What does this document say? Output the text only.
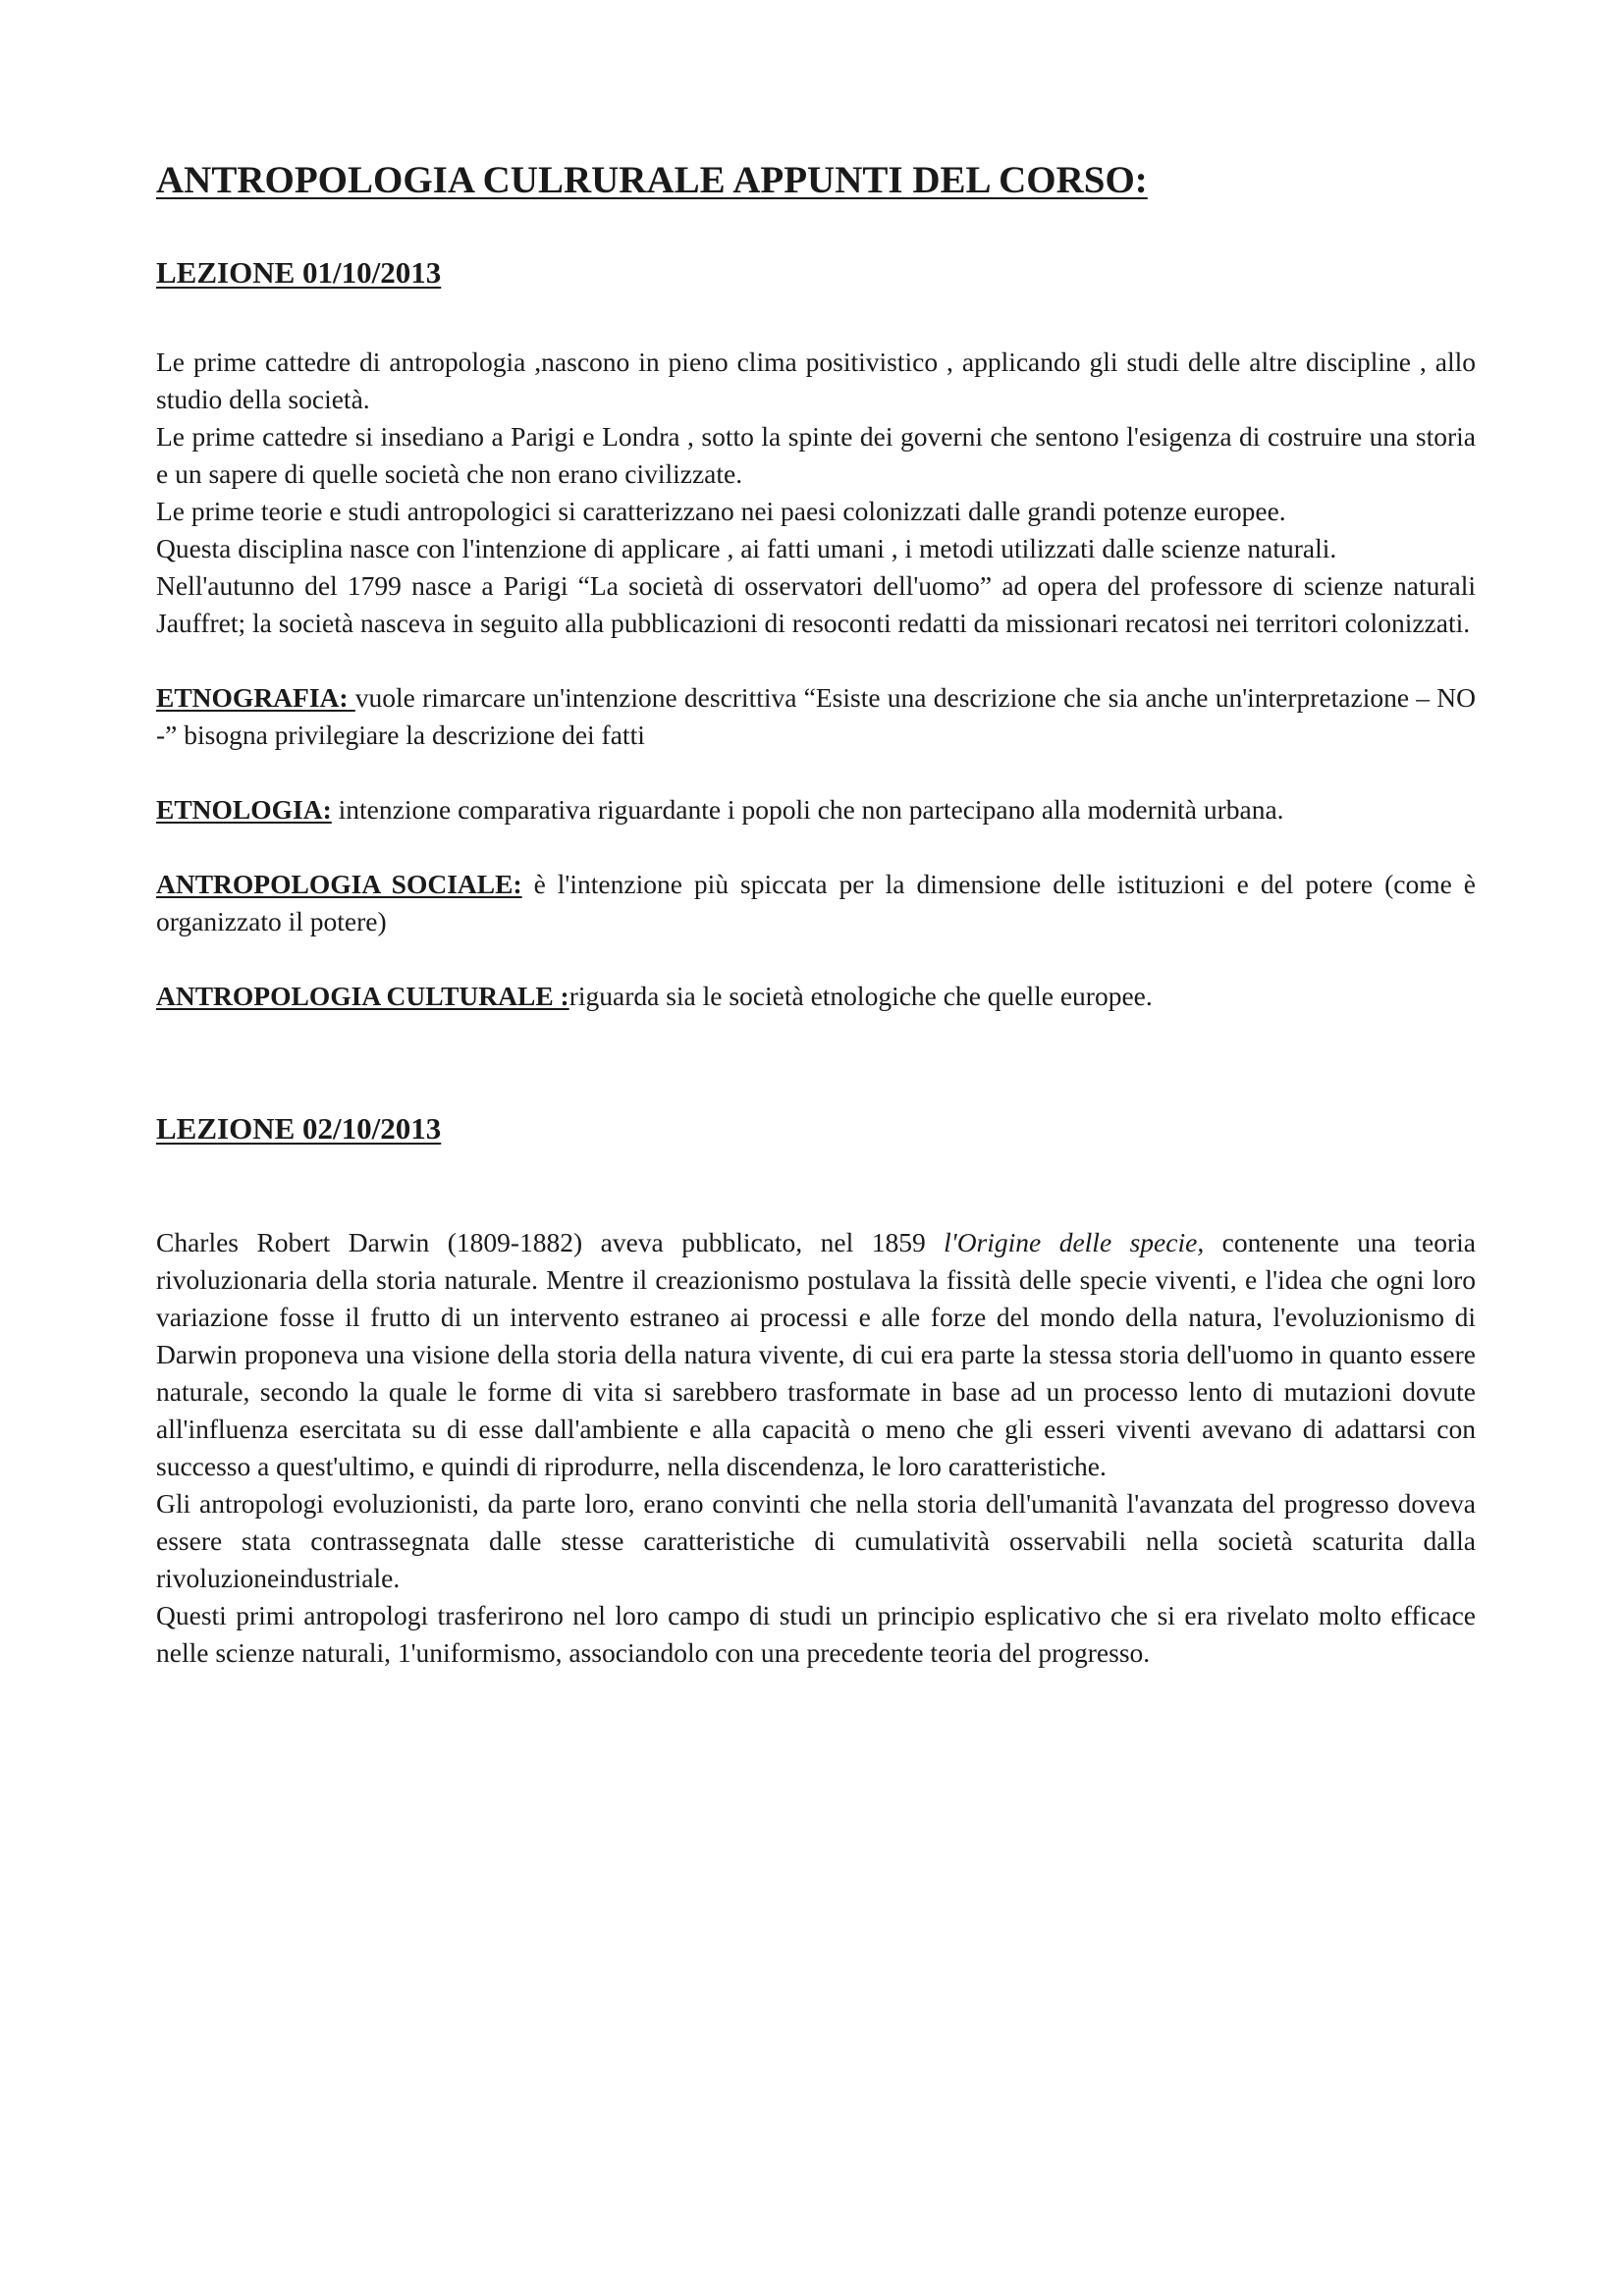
ANTROPOLOGIA CULRURALE APPUNTI DEL CORSO:
LEZIONE 01/10/2013

Le prime cattedre di antropologia ,nascono in pieno clima positivistico , applicando gli studi delle altre discipline , allo studio della società.

Le prime cattedre si insediano a Parigi e Londra , sotto la spinte dei governi che sentono l'esigenza di costruire una storia e un sapere di quelle società che non erano civilizzate.

Le prime teorie e studi antropologici si caratterizzano nei paesi colonizzati dalle grandi potenze europee.

Questa disciplina nasce con l'intenzione di applicare , ai fatti umani , i metodi utilizzati dalle scienze naturali.

Nell'autunno del 1799 nasce a Parigi “La società di osservatori dell'uomo” ad opera del professore di scienze naturali Jauffret; la società nasceva in seguito alla pubblicazioni di resoconti redatti da missionari recatosi nei territori colonizzati.

ETNOGRAFIA: vuole rimarcare un'intenzione descrittiva “Esiste una descrizione che sia anche un'interpretazione – NO -” bisogna privilegiare la descrizione dei fatti

ETNOLOGIA: intenzione comparativa riguardante i popoli che non partecipano alla modernità urbana.

ANTROPOLOGIA SOCIALE: è l'intenzione più spiccata per la dimensione delle istituzioni e del potere (come è organizzato il potere)

ANTROPOLOGIA CULTURALE :riguarda sia le società etnologiche che quelle europee.

LEZIONE 02/10/2013

Charles Robert Darwin (1809-1882) aveva pubblicato, nel 1859 l'Origine delle specie, contenente una teoria rivoluzionaria della storia naturale. Mentre il creazionismo postulava la fissità delle specie viventi, e l'idea che ogni loro variazione fosse il frutto di un intervento estraneo ai processi e alle forze del mondo della natura, l'evoluzionismo di Darwin proponeva una visione della storia della natura vivente, di cui era parte la stessa storia dell'uomo in quanto essere naturale, secondo la quale le forme di vita si sarebbero trasformate in base ad un processo lento di mutazioni dovute all'influenza esercitata su di esse dall'ambiente e alla capacità o meno che gli esseri viventi avevano di adattarsi con successo a quest'ultimo, e quindi di riprodurre, nella discendenza, le loro caratteristiche.

Gli antropologi evoluzionisti, da parte loro, erano convinti che nella storia dell'umanità l'avanzata del progresso doveva essere stata contrassegnata dalle stesse caratteristiche di cumulatività osservabili nella società scaturita dalla rivoluzioneindustriale.

Questi primi antropologi trasferirono nel loro campo di studi un principio esplicativo che si era rivelato molto efficace nelle scienze naturali, 1'uniformismo, associandolo con una precedente teoria del progresso.
